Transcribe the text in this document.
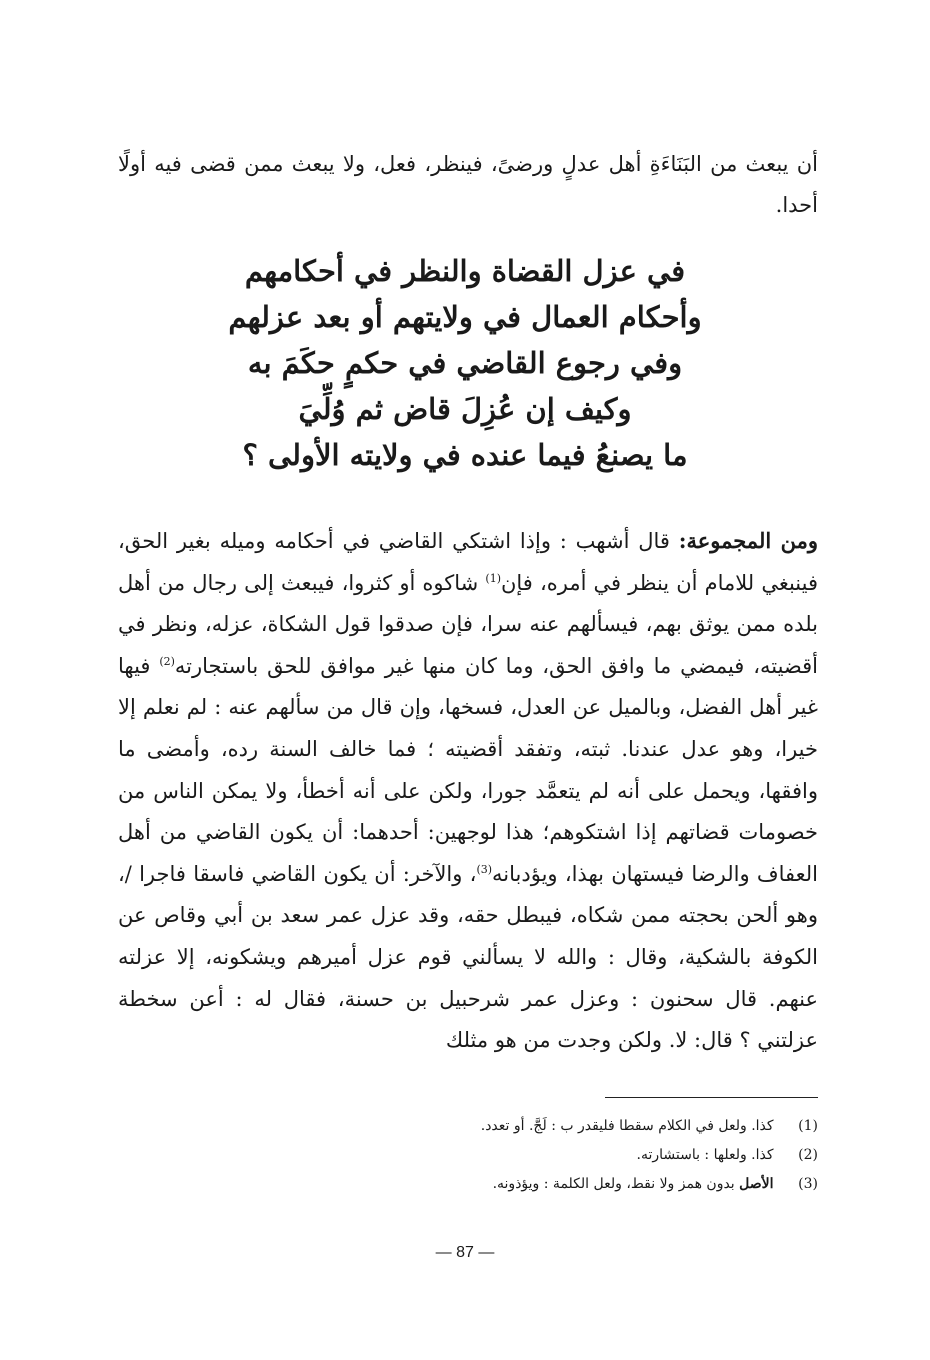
أن يبعث من البَنَاءَةِ أهل عدلٍ ورضىً، فينظر، فعل، ولا يبعث ممن قضى فيه أولًا أحدا.

في عزل القضاة والنظر في أحكامهم
وأحكام العمال في ولايتهم أو بعد عزلهم
وفي رجوع القاضي في حكمٍ حكَمَ به
وكيف إن عُزِلَ قاض ثم وُلِّيَ
ما يصنعُ فيما عنده في ولايته الأولى ؟

ومن المجموعة: قال أشهب : وإذا اشتكي القاضي في أحكامه وميله بغير الحق، فينبغي للامام أن ينظر في أمره، فإن$^{(1)}$ شاكوه أو كثروا، فيبعث إلى رجال من أهل بلده ممن يوثق بهم، فيسألهم عنه سرا، فإن صدقوا قول الشكاة، عزله، ونظر في أقضيته، فيمضي ما وافق الحق، وما كان منها غير موافق للحق باستجارته$^{(2)}$ فيها غير أهل الفضل، وبالميل عن العدل، فسخها، وإن قال من سألهم عنه : لم نعلم إلا خيرا، وهو عدل عندنا. ثبته، وتفقد أقضيته ؛ فما خالف السنة رده، وأمضى ما وافقها، ويحمل على أنه لم يتعمَّد جورا، ولكن على أنه أخطأ، ولا يمكن الناس من خصومات قضاتهم إذا اشتكوهم؛ هذا لوجهين: أحدهما: أن يكون القاضي من أهل العفاف والرضا فيستهان بهذا، ويؤدبانه$^{(3)}$، والآخر: أن يكون القاضي فاسقا فاجرا /، وهو ألحن بحجته ممن شكاه، فيبطل حقه، وقد عزل عمر سعد بن أبي وقاص عن الكوفة بالشكية، وقال : والله لا يسألني قوم عزل أميرهم ويشكونه، إلا عزلته عنهم. قال سحنون : وعزل عمر شرحبيل بن حسنة، فقال له : أعن سخطة عزلتني ؟ قال: لا. ولكن وجدت من هو مثلك

(1) كذا. ولعل في الكلام سقطا فليقدر ب : لَجَّ. أو تعدد.
(2) كذا. ولعلها : باستشارته.
(3) الأصل بدون همز ولا نقط، ولعل الكلمة : ويؤذونه.
— 87 —
